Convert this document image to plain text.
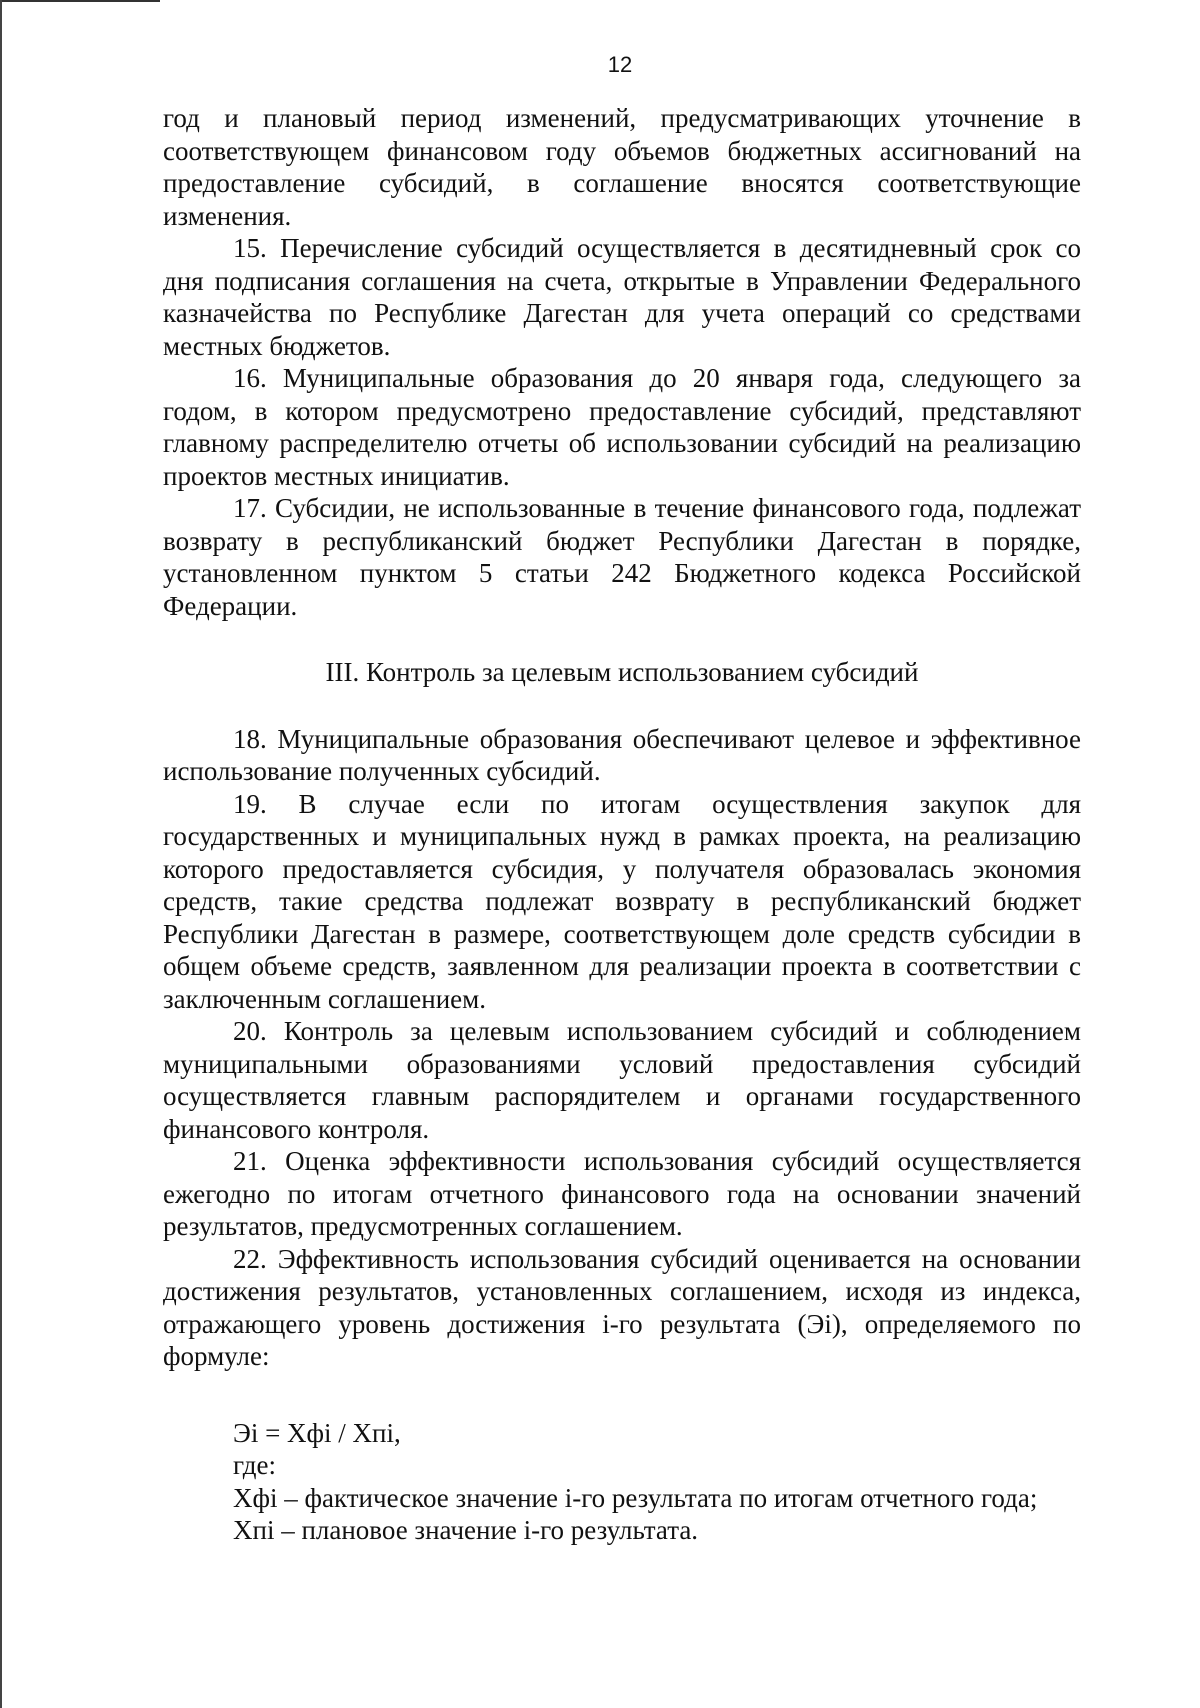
12

год и плановый период изменений, предусматривающих уточнение в соответствующем финансовом году объемов бюджетных ассигнований на предоставление субсидий, в соглашение вносятся соответствующие изменения.

15. Перечисление субсидий осуществляется в десятидневный срок со дня подписания соглашения на счета, открытые в Управлении Федерального казначейства по Республике Дагестан для учета операций со средствами местных бюджетов.

16. Муниципальные образования до 20 января года, следующего за годом, в котором предусмотрено предоставление субсидий, представляют главному распределителю отчеты об использовании субсидий на реализацию проектов местных инициатив.

17. Субсидии, не использованные в течение финансового года, подлежат возврату в республиканский бюджет Республики Дагестан в порядке, установленном пунктом 5 статьи 242 Бюджетного кодекса Российской Федерации.

III. Контроль за целевым использованием субсидий

18. Муниципальные образования обеспечивают целевое и эффективное использование полученных субсидий.

19. В случае если по итогам осуществления закупок для государственных и муниципальных нужд в рамках проекта, на реализацию которого предоставляется субсидия, у получателя образовалась экономия средств, такие средства подлежат возврату в республиканский бюджет Республики Дагестан в размере, соответствующем доле средств субсидии в общем объеме средств, заявленном для реализации проекта в соответствии с заключенным соглашением.

20. Контроль за целевым использованием субсидий и соблюдением муниципальными образованиями условий предоставления субсидий осуществляется главным распорядителем и органами государственного финансового контроля.

21. Оценка эффективности использования субсидий осуществляется ежегодно по итогам отчетного финансового года на основании значений результатов, предусмотренных соглашением.

22. Эффективность использования субсидий оценивается на основании достижения результатов, установленных соглашением, исходя из индекса, отражающего уровень достижения i-го результата (Эi), определяемого по формуле:

Эi = Хфi / Хпi,

где:

Хфi – фактическое значение i-го результата по итогам отчетного года;

Хпi – плановое значение i-го результата.
